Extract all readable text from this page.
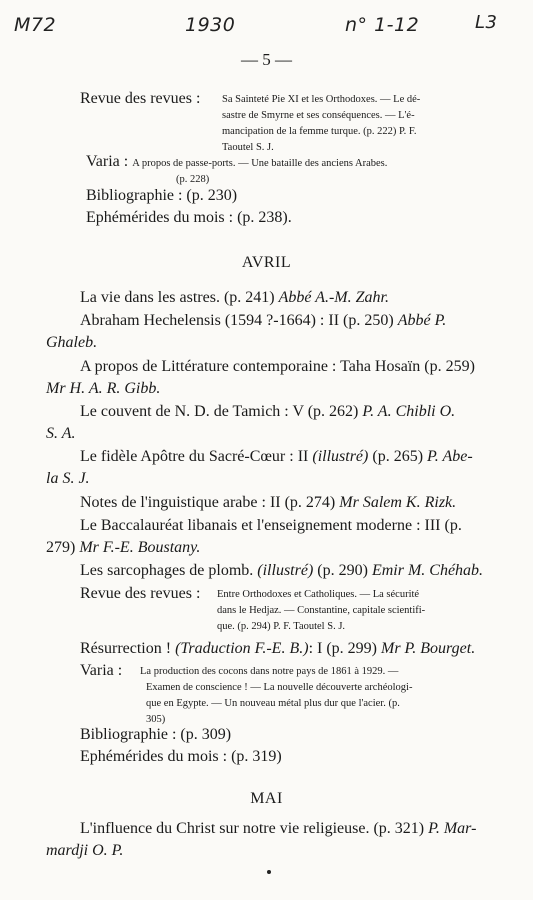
M72	1930	n° 1-12	L3
— 5 —
Revue des revues : Sa Sainteté Pie XI et les Orthodoxes. — Le dé-

sastre de Smyrne et ses conséquences. — L'é-

mancipation de la femme turque. (p. 222) P. F.

Taoutel S. J.

Varia : A propos de passe-ports. — Une bataille des anciens Arabes.
(p. 228)
Bibliographie : (p. 230)
Ephémérides du mois : (p. 238).
AVRIL
La vie dans les astres. (p. 241) Abbé A.-M. Zahr.
Abraham Hechelensis (1594 ?-1664) : II (p. 250) Abbé P.
Ghaleb.
A propos de Littérature contemporaine : Taha Hosaïn (p. 259)
Mr H. A. R. Gibb.
Le couvent de N. D. de Tamich : V (p. 262) P. A. Chibli O.
S. A.
Le fidèle Apôtre du Sacré-Cœur : II (illustré) (p. 265) P. Abe-
la S. J.
Notes de l'inguistique arabe : II (p. 274) Mr Salem K. Rizk.
Le Baccalauréat libanais et l'enseignement moderne : III (p.
279) Mr F.-E. Boustany.
Les sarcophages de plomb. (illustré) (p. 290) Emir M. Chéhab.
Revue des revues : Entre Orthodoxes et Catholiques. — La sécurité

dans le Hedjaz. — Constantine, capitale scientifi-

que. (p. 294) P. F. Taoutel S. J.

Résurrection ! (Traduction F.-E. B.): I (p. 299) Mr P. Bourget.
Varia : La production des cocons dans notre pays de 1861 à 1929. —

Examen de conscience ! — La nouvelle découverte archéologi-

que en Egypte. — Un nouveau métal plus dur que l'acier. (p.

305)

Bibliographie : (p. 309)
Ephémérides du mois : (p. 319)
MAI
L'influence du Christ sur notre vie religieuse. (p. 321) P. Mar-
mardji O. P.
